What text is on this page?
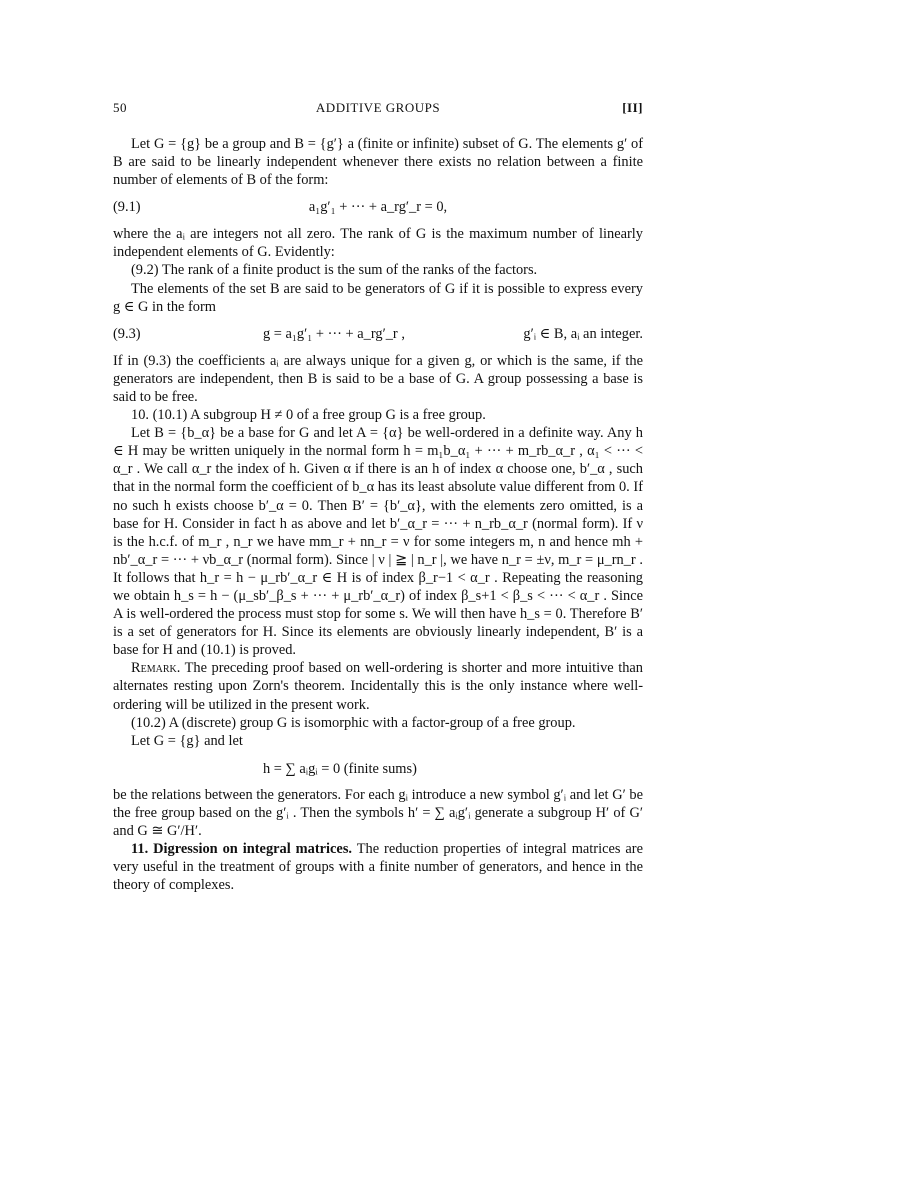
50	ADDITIVE GROUPS	[II]

Let G = {g} be a group and B = {g′} a (finite or infinite) subset of G. The elements g′ of B are said to be linearly independent whenever there exists no relation between a finite number of elements of B of the form:

(9.1)	a₁g′₁ + ··· + a_rg′_r = 0,

where the aᵢ are integers not all zero. The rank of G is the maximum number of linearly independent elements of G. Evidently:

(9.2) The rank of a finite product is the sum of the ranks of the factors.

The elements of the set B are said to be generators of G if it is possible to express every g ∈ G in the form

(9.3)	g = a₁g′₁ + ··· + a_rg′_r ,	g′ᵢ ∈ B, aᵢ an integer.

If in (9.3) the coefficients aᵢ are always unique for a given g, or which is the same, if the generators are independent, then B is said to be a base of G. A group possessing a base is said to be free.

10. (10.1) A subgroup H ≠ 0 of a free group G is a free group.

Let B = {b_α} be a base for G and let A = {α} be well-ordered in a definite way. Any h ∈ H may be written uniquely in the normal form h = m₁b_α₁ + ··· + m_rb_α_r , α₁ < ··· < α_r . We call α_r the index of h. Given α if there is an h of index α choose one, b′_α , such that in the normal form the coefficient of b_α has its least absolute value different from 0. If no such h exists choose b′_α = 0. Then B′ = {b′_α}, with the elements zero omitted, is a base for H. Consider in fact h as above and let b′_α_r = ··· + n_rb_α_r (normal form). If ν is the h.c.f. of m_r , n_r we have mm_r + nn_r = ν for some integers m, n and hence mh + nb′_α_r = ··· + νb_α_r (normal form). Since | ν | ≧ | n_r |, we have n_r = ±ν, m_r = μ_rn_r . It follows that h_r = h − μ_rb′_α_r ∈ H is of index β_r−1 < α_r . Repeating the reasoning we obtain h_s = h − (μ_sb′_β_s + ··· + μ_rb′_α_r) of index β_s+1 < β_s < ··· < α_r . Since A is well-ordered the process must stop for some s. We will then have h_s = 0. Therefore B′ is a set of generators for H. Since its elements are obviously linearly independent, B′ is a base for H and (10.1) is proved.

Remark. The preceding proof based on well-ordering is shorter and more intuitive than alternates resting upon Zorn's theorem. Incidentally this is the only instance where well-ordering will be utilized in the present work.

(10.2) A (discrete) group G is isomorphic with a factor-group of a free group.

Let G = {g} and let

h = ∑ aᵢgᵢ = 0 (finite sums)

be the relations between the generators. For each gᵢ introduce a new symbol g′ᵢ and let G′ be the free group based on the g′ᵢ . Then the symbols h′ = ∑ aᵢg′ᵢ generate a subgroup H′ of G′ and G ≅ G′/H′.

11. Digression on integral matrices. The reduction properties of integral matrices are very useful in the treatment of groups with a finite number of generators, and hence in the theory of complexes.
